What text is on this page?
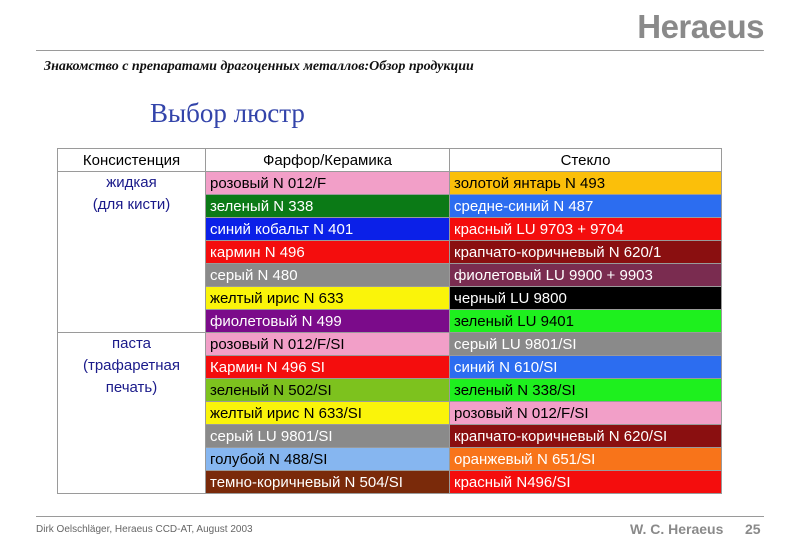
Heraeus
Знакомство с препаратами драгоценных металлов:Обзор продукции
Выбор люстр
Консистенция	Фарфор/Керамика	Стекло

жидкая
(для кисти)	розовый N 012/F	золотой янтарь N 493
	зеленый N 338	средне-синий N 487
	синий кобальт N 401	красный LU 9703 + 9704
	кармин N 496	крапчато-коричневый N 620/1
	серый N 480	фиолетовый LU 9900 + 9903
	желтый ирис N 633	черный LU 9800
	фиолетовый N 499	зеленый LU 9401

паста
(трафаретная
печать)	розовый N 012/F/SI	серый LU 9801/SI
	Кармин N 496 SI	синий N 610/SI
	зеленый N 502/SI	зеленый N 338/SI
	желтый ирис N 633/SI	розовый N 012/F/SI
	серый LU 9801/SI	крапчато-коричневый N 620/SI
	голубой N 488/SI	оранжевый N 651/SI
	темно-коричневый N 504/SI	красный N496/SI
Dirk Oelschläger, Heraeus CCD-AT, August 2003	W. C. Heraeus 25
